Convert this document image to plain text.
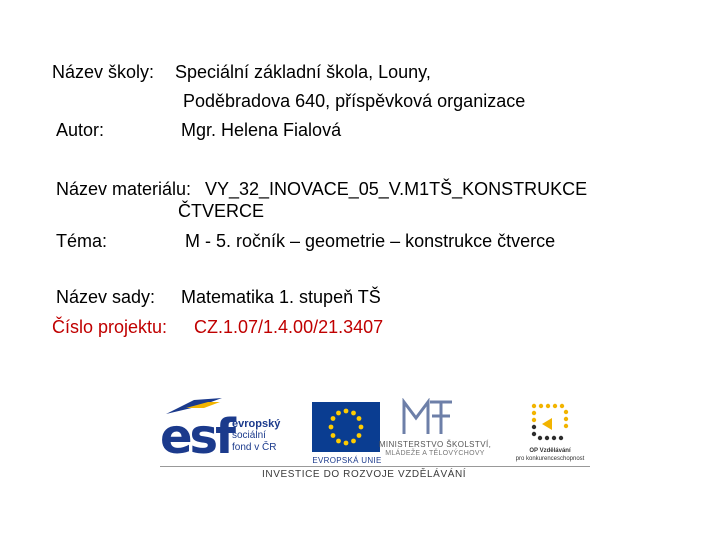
Název školy: Speciální základní škola, Louny,
Poděbradova 640, příspěvková organizace
Autor:	Mgr. Helena Fialová
Název materiálu: VY_32_INOVACE_05_V.M1TŠ_KONSTRUKCE
ČTVERCE
Téma:	M - 5. ročník – geometrie – konstrukce čtverce
Název sady: Matematika 1. stupeň TŠ
Číslo projektu: CZ.1.07/1.4.00/21.3407
esf
evropský
sociální
fond v ČR
EVROPSKÁ UNIE
MINISTERSTVO ŠKOLSTVÍ,
MLÁDEŽE A TĚLOVÝCHOVY	OP Vzdělávání
pro konkurenceschopnost
INVESTICE DO ROZVOJE VZDĚLÁVÁNÍ
